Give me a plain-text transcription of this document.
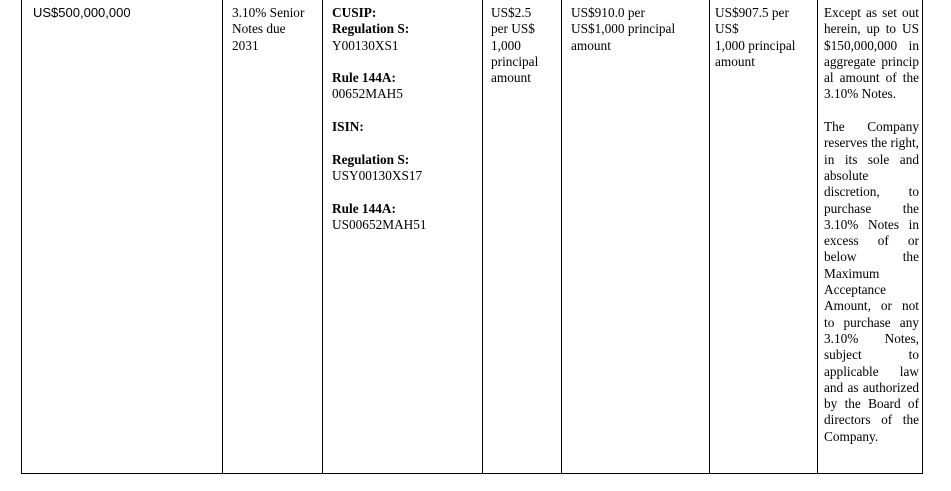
US$500,000,000	3.10% Senior
Notes due
2031
CUSIP:
Regulation S:
Y00130XS1
Rule 144A:
00652MAH5
ISIN:
Regulation S:
USY00130XS17
Rule 144A:
US00652MAH51
US$2.5
per US$
1,000
principal
amount
US$910.0 per
US$1,000 principal
amount
US$907.5 per
US$
1,000 principal
amount
Except as set out herein, up to US$150,000,000 in aggregate principal amount of the 3.10% Notes.
The Company reserves the right, in its sole and absolute discretion, to purchase the 3.10% Notes in excess of or below the Maximum Acceptance Amount, or not to purchase any 3.10% Notes, subject to applicable law and as authorized by the Board of directors of the Company.
